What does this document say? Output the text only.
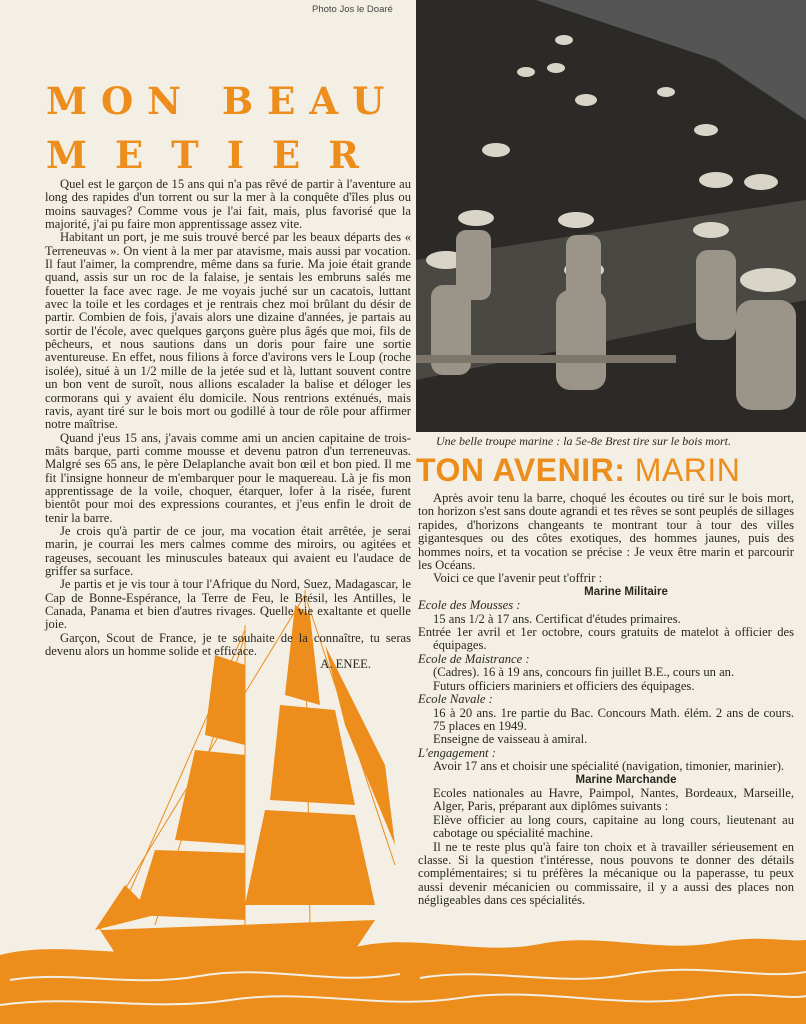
Photo Jos le Doaré
MON BEAU
METIER

Quel est le garçon de 15 ans qui n'a pas rêvé de partir à l'aventure au long des rapides d'un torrent ou sur la mer à la conquête d'îles plus ou moins sauvages? Comme vous je l'ai fait, mais, plus favorisé que la majorité, j'ai pu faire mon apprentissage assez vite.

Habitant un port, je me suis trouvé bercé par les beaux départs des « Terreneuvas ». On vient à la mer par atavisme, mais aussi par vocation. Il faut l'aimer, la comprendre, même dans sa furie. Ma joie était grande quand, assis sur un roc de la falaise, je sentais les embruns salés me fouetter la face avec rage. Je me voyais juché sur un cacatois, luttant avec la toile et les cordages et je rentrais chez moi brûlant du désir de partir. Combien de fois, j'avais alors une dizaine d'années, je partais au sortir de l'école, avec quelques garçons guère plus âgés que moi, fils de pêcheurs, et nous sautions dans un doris pour faire une sortie aventureuse. En effet, nous filions à force d'avirons vers le Loup (roche isolée), situé à un 1/2 mille de la jetée sud et là, luttant souvent contre un bon vent de suroît, nous allions escalader la balise et déloger les cormorans qui y avaient élu domicile. Nous rentrions exténués, mais ravis, ayant tiré sur le bois mort ou godillé à tour de rôle pour affirmer notre maîtrise.

Quand j'eus 15 ans, j'avais comme ami un ancien capitaine de trois-mâts barque, parti comme mousse et devenu patron d'un terreneuvas. Malgré ses 65 ans, le père Delaplanche avait bon œil et bon pied. Il me fit l'insigne honneur de m'embarquer pour le maquereau. Là je fis mon apprentissage de la voile, choquer, étarquer, lofer à la risée, furent bientôt pour moi des expressions courantes, et j'eus enfin le droit de tenir la barre.

Je crois qu'à partir de ce jour, ma vocation était arrêtée, je serai marin, je courrai les mers calmes comme des miroirs, ou agitées et rageuses, secouant les minuscules bateaux qui avaient eu l'audace de griffer sa surface.

Je partis et je vis tour à tour l'Afrique du Nord, Suez, Madagascar, le Cap de Bonne-Espérance, la Terre de Feu, le Brésil, les Antilles, le Canada, Panama et bien d'autres rivages. Quelle vie exaltante et quelle joie.

Garçon, Scout de France, je te souhaite de la connaître, tu seras devenu alors un homme solide et efficace.

A. ENEE.

Une belle troupe marine : la 5e-8e Brest tire sur le bois mort.
TON AVENIR: MARIN

Après avoir tenu la barre, choqué les écoutes ou tiré sur le bois mort, ton horizon s'est sans doute agrandi et tes rêves se sont peuplés de sillages rapides, d'horizons changeants te montrant tour à tour des villes gigantesques ou des côtes exotiques, des hommes jaunes, puis des hommes noirs, et ta vocation se précise : Je veux être marin et parcourir les Océans.

Voici ce que l'avenir peut t'offrir :

Marine Militaire

Ecole des Mousses :

15 ans 1/2 à 17 ans. Certificat d'études primaires.

Entrée 1er avril et 1er octobre, cours gratuits de matelot à officier des équipages.

Ecole de Maistrance :

(Cadres). 16 à 19 ans, concours fin juillet B.E., cours un an.

Futurs officiers mariniers et officiers des équipages.

Ecole Navale :

16 à 20 ans. 1re partie du Bac. Concours Math. élém. 2 ans de cours. 75 places en 1949.

Enseigne de vaisseau à amiral.

L'engagement :

Avoir 17 ans et choisir une spécialité (navigation, timonier, marinier).

Marine Marchande

Ecoles nationales au Havre, Paimpol, Nantes, Bordeaux, Marseille, Alger, Paris, préparant aux diplômes suivants :

Elève officier au long cours, capitaine au long cours, lieutenant au cabotage ou spécialité machine.

Il ne te reste plus qu'à faire ton choix et à travailler sérieusement en classe. Si la question t'intéresse, nous pouvons te donner des détails complémentaires; si tu préfères la mécanique ou la paperasse, tu peux aussi devenir mécanicien ou commissaire, il y a aussi des places non négligeables dans ces spécialités.
